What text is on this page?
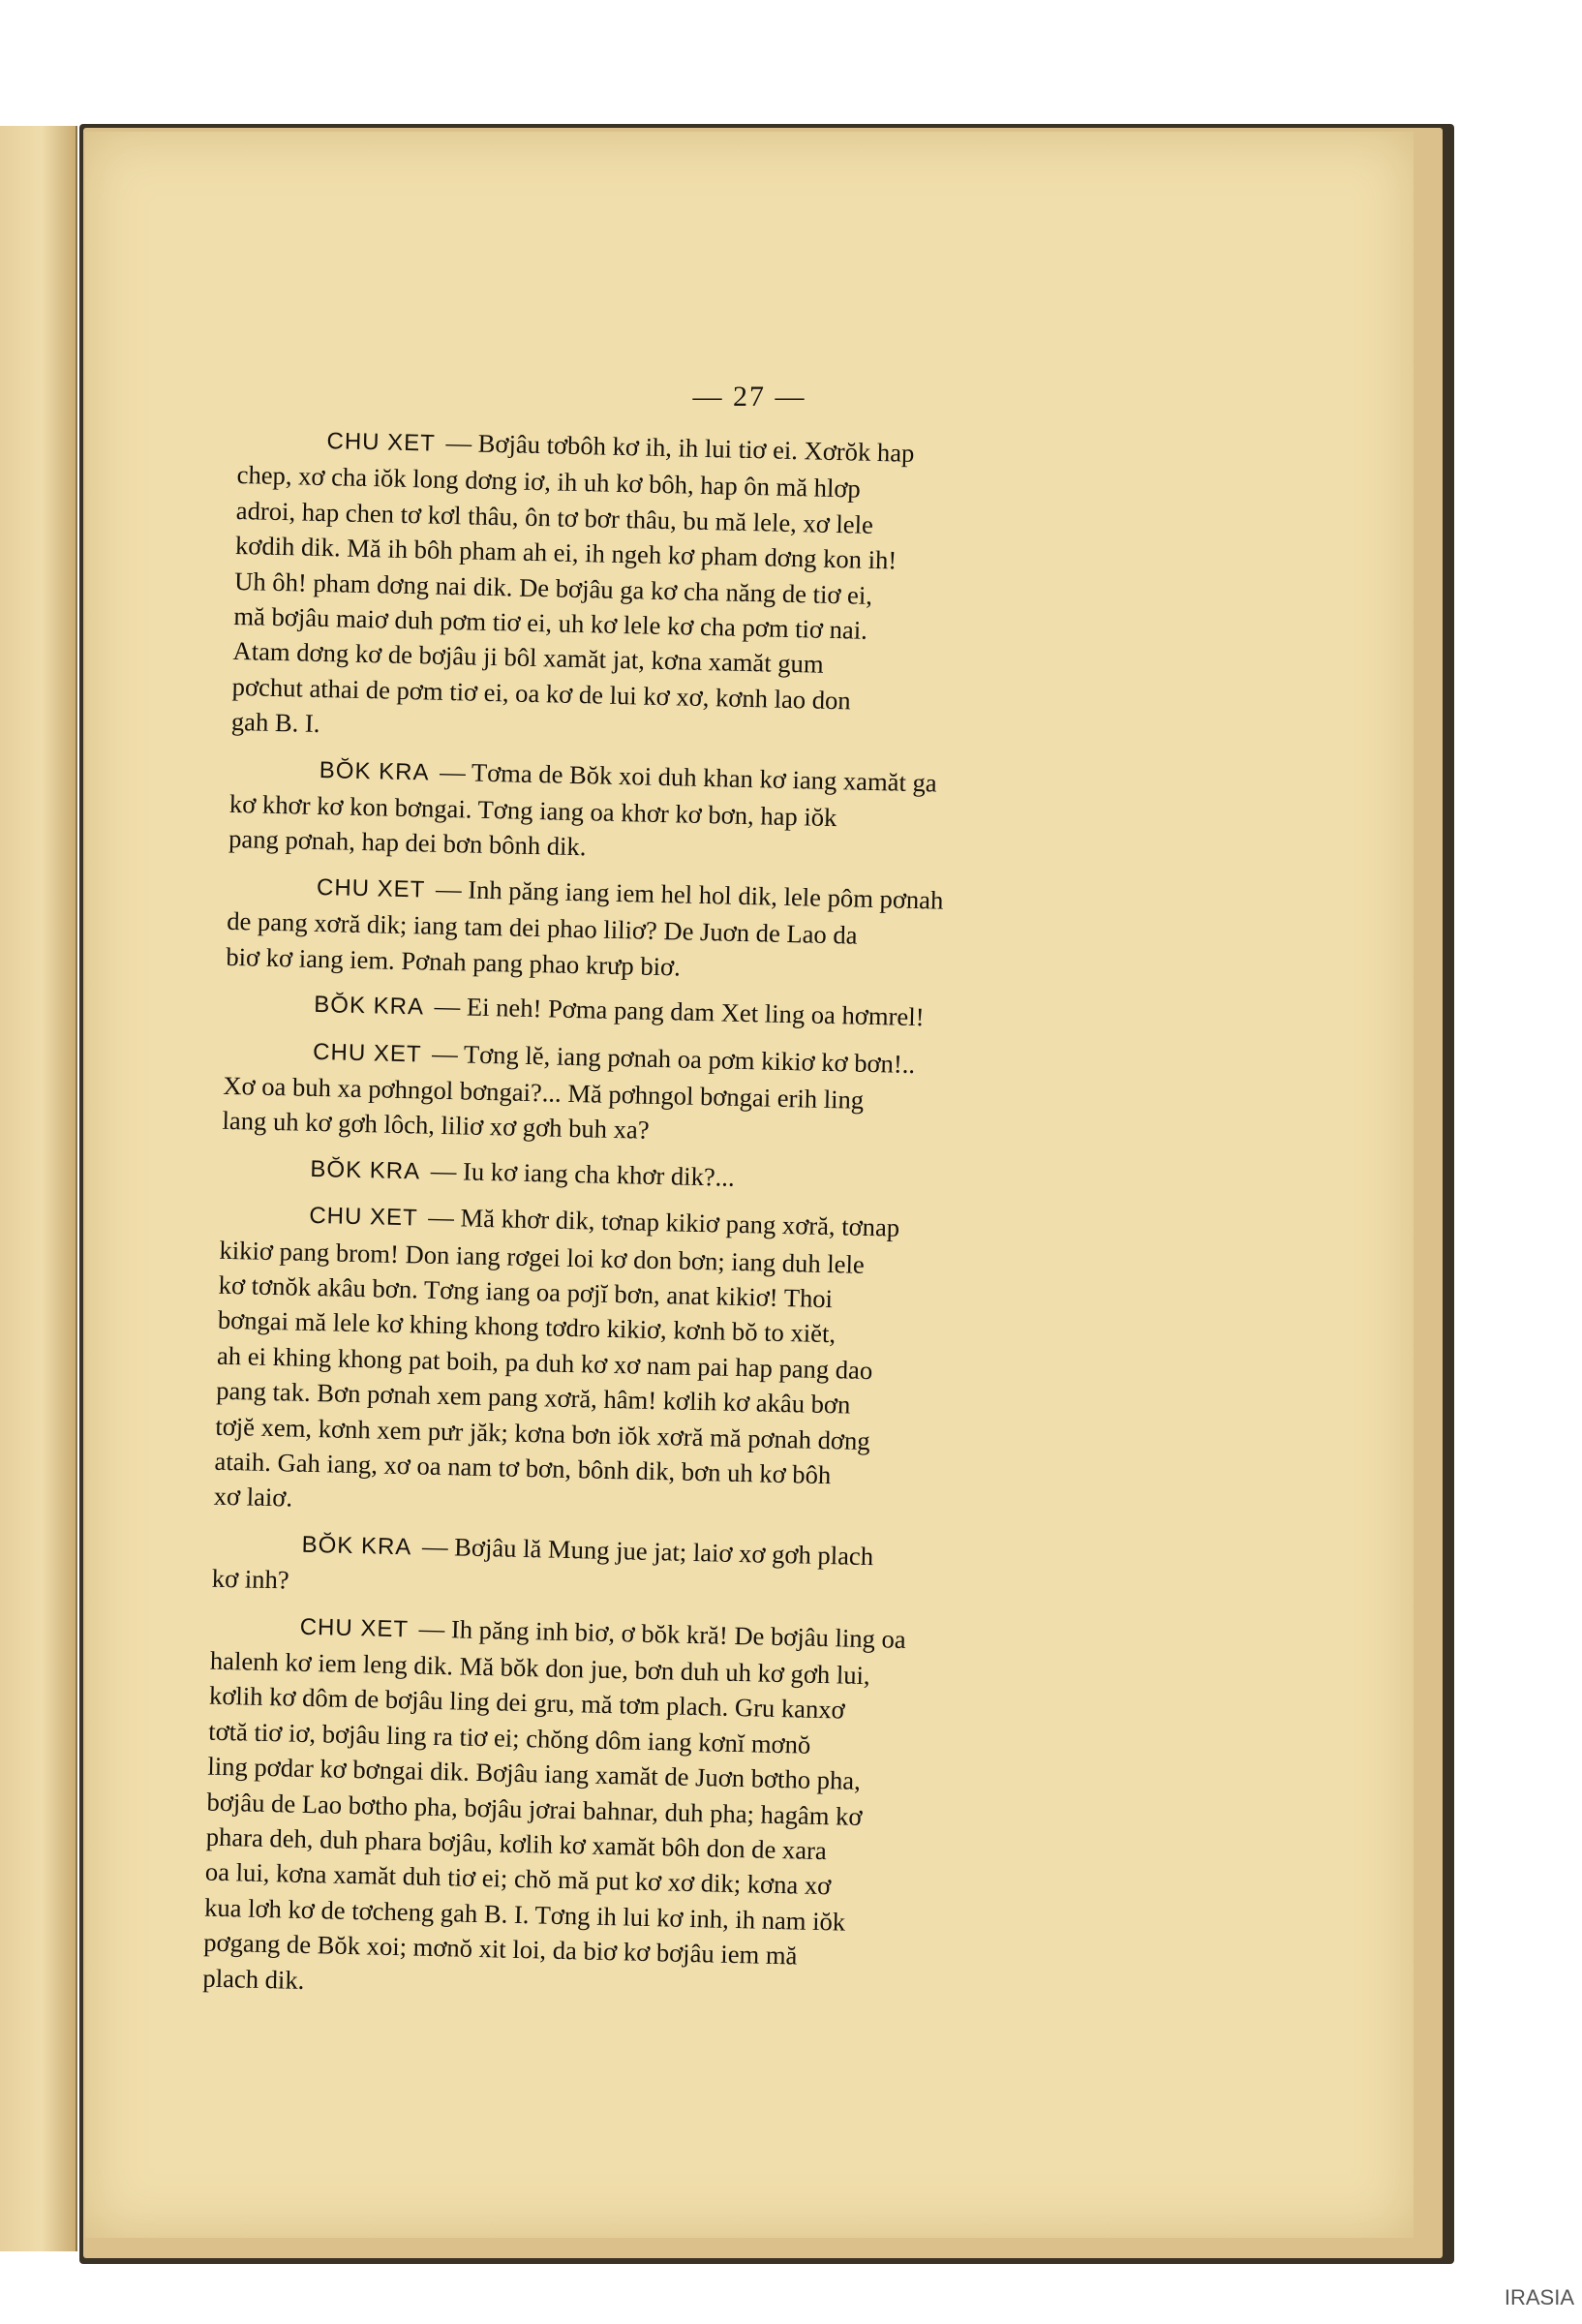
— 27 —

CHU XET — Bơjâu tơbôh kơ ih, ih lui tiơ ei. Xơrŏk hap
chep, xơ cha iŏk long dơng iơ, ih uh kơ bôh, hap ôn mă hlơp
adroi, hap chen tơ kơl thâu, ôn tơ bơr thâu, bu mă lele, xơ lele
kơdih dik. Mă ih bôh pham ah ei, ih ngeh kơ pham dơng kon ih!
Uh ôh! pham dơng nai dik. De bơjâu ga kơ cha năng de tiơ ei,
mă bơjâu maiơ duh pơm tiơ ei, uh kơ lele kơ cha pơm tiơ nai.
Atam dơng kơ de bơjâu ji bôl xamăt jat, kơna xamăt gum
pơchut athai de pơm tiơ ei, oa kơ de lui kơ xơ, kơnh lao don
gah B. I.

BŎK KRA — Tơma de Bŏk xoi duh khan kơ iang xamăt ga
kơ khơr kơ kon bơngai. Tơng iang oa khơr kơ bơn, hap iŏk
pang pơnah, hap dei bơn bônh dik.

CHU XET — Inh păng iang iem hel hol dik, lele pôm pơnah
de pang xơră dik; iang tam dei phao liliơ? De Juơn de Lao da
biơ kơ iang iem. Pơnah pang phao krưp biơ.

BŎK KRA — Ei neh! Pơma pang dam Xet ling oa hơmrel!

CHU XET — Tơng lĕ, iang pơnah oa pơm kikiơ kơ bơn!..
Xơ oa buh xa pơhngol bơngai?... Mă pơhngol bơngai erih ling
lang uh kơ gơh lôch, liliơ xơ gơh buh xa?

BŎK KRA — Iu kơ iang cha khơr dik?...

CHU XET — Mă khơr dik, tơnap kikiơ pang xơră, tơnap
kikiơ pang brom! Don iang rơgei loi kơ don bơn; iang duh lele
kơ tơnŏk akâu bơn. Tơng iang oa pơjĭ bơn, anat kikiơ! Thoi
bơngai mă lele kơ khing khong tơdro kikiơ, kơnh bŏ to xiĕt,
ah ei khing khong pat boih, pa duh kơ xơ nam pai hap pang dao
pang tak. Bơn pơnah xem pang xơră, hâm! kơlih kơ akâu bơn
tơjĕ xem, kơnh xem pưr jăk; kơna bơn iŏk xơră mă pơnah dơng
ataih. Gah iang, xơ oa nam tơ bơn, bônh dik, bơn uh kơ bôh
xơ laiơ.

BŎK KRA — Bơjâu lă Mung jue jat; laiơ xơ gơh plach
kơ inh?

CHU XET — Ih păng inh biơ, ơ bŏk kră! De bơjâu ling oa
halenh kơ iem leng dik. Mă bŏk don jue, bơn duh uh kơ gơh lui,
kơlih kơ dôm de bơjâu ling dei gru, mă tơm plach. Gru kanxơ
tơtă tiơ iơ, bơjâu ling ra tiơ ei; chŏng dôm iang kơnĭ mơnŏ
ling pơdar kơ bơngai dik. Bơjâu iang xamăt de Juơn bơtho pha,
bơjâu de Lao bơtho pha, bơjâu jơrai bahnar, duh pha; hagâm kơ
phara deh, duh phara bơjâu, kơlih kơ xamăt bôh don de xara
oa lui, kơna xamăt duh tiơ ei; chŏ mă put kơ xơ dik; kơna xơ
kua lơh kơ de tơcheng gah B. I. Tơng ih lui kơ inh, ih nam iŏk
pơgang de Bŏk xoi; mơnŏ xit loi, da biơ kơ bơjâu iem mă
plach dik.

IRASIA
